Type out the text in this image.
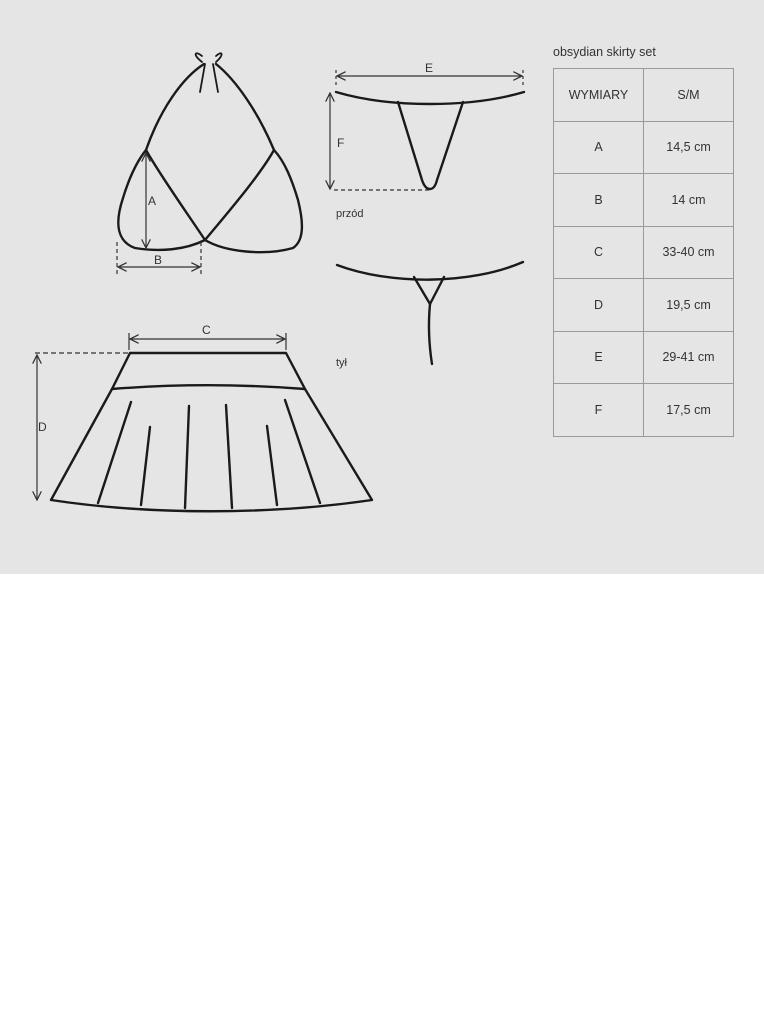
A
B
E
F
przód
tył
C
D
obsydian skirty set
WYMIARY	S/M
A	14,5 cm
B	14 cm
C	33-40 cm
D	19,5 cm
E	29-41 cm
F	17,5 cm
